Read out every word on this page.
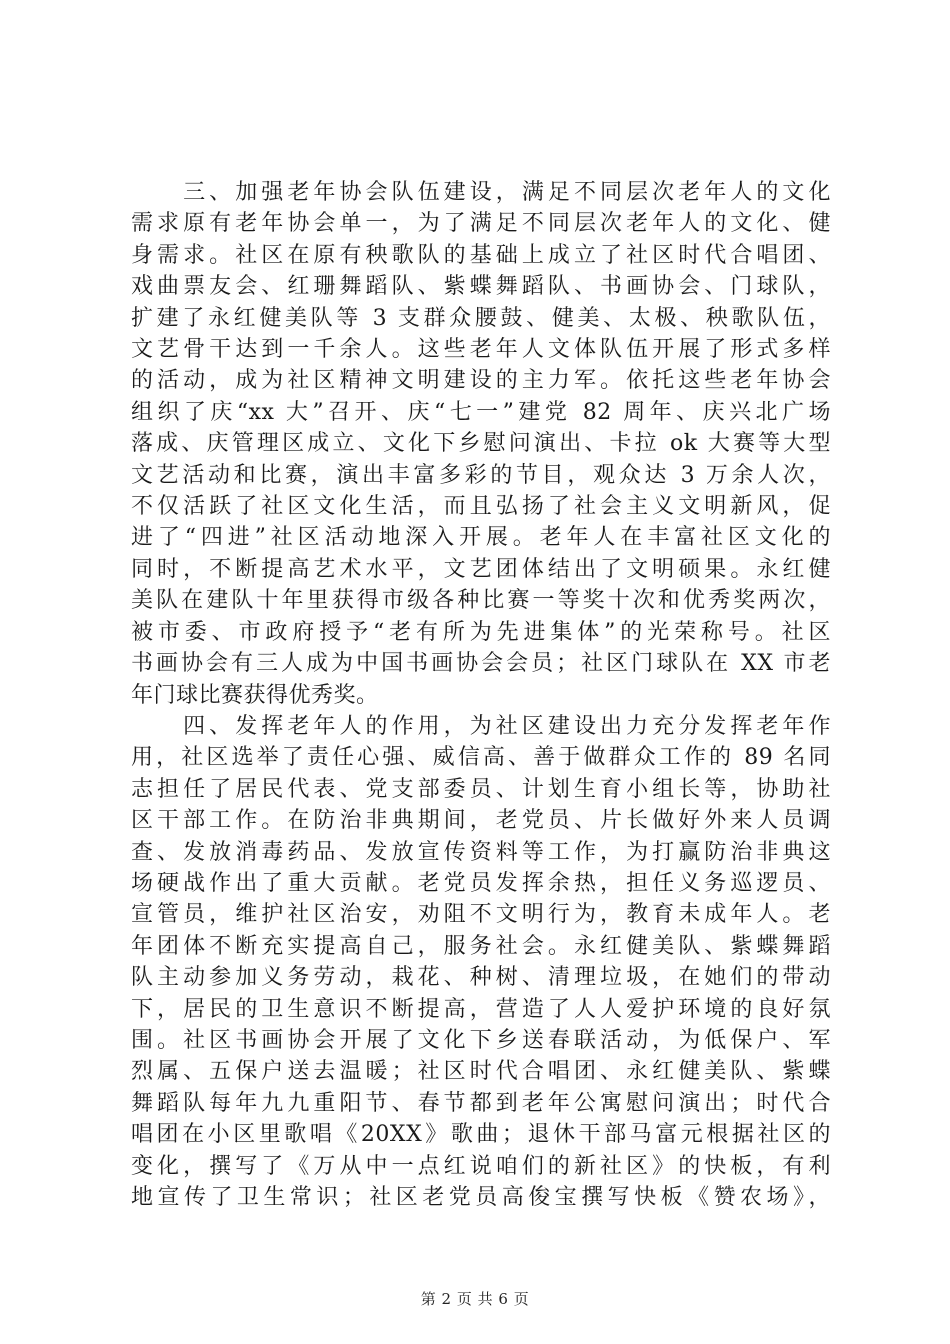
　　三、加强老年协会队伍建设，满足不同层次老年人的文化
需求原有老年协会单一，为了满足不同层次老年人的文化、健
身需求。社区在原有秧歌队的基础上成立了社区时代合唱团、
戏曲票友会、红珊舞蹈队、紫蝶舞蹈队、书画协会、门球队，
扩建了永红健美队等 3 支群众腰鼓、健美、太极、秧歌队伍，
文艺骨干达到一千余人。这些老年人文体队伍开展了形式多样
的活动，成为社区精神文明建设的主力军。依托这些老年协会
组织了庆“xx 大”召开、庆“七一”建党 82 周年、庆兴北广场
落成、庆管理区成立、文化下乡慰问演出、卡拉 ok 大赛等大型
文艺活动和比赛，演出丰富多彩的节目，观众达 3 万余人次，
不仅活跃了社区文化生活，而且弘扬了社会主义文明新风，促
进了“四进”社区活动地深入开展。老年人在丰富社区文化的
同时，不断提高艺术水平，文艺团体结出了文明硕果。永红健
美队在建队十年里获得市级各种比赛一等奖十次和优秀奖两次，
被市委、市政府授予“老有所为先进集体”的光荣称号。社区
书画协会有三人成为中国书画协会会员；社区门球队在 XX 市老
年门球比赛获得优秀奖。
　　四、发挥老年人的作用，为社区建设出力充分发挥老年作
用，社区选举了责任心强、威信高、善于做群众工作的 89 名同
志担任了居民代表、党支部委员、计划生育小组长等，协助社
区干部工作。在防治非典期间，老党员、片长做好外来人员调
查、发放消毒药品、发放宣传资料等工作，为打赢防治非典这
场硬战作出了重大贡献。老党员发挥余热，担任义务巡逻员、
宣管员，维护社区治安，劝阻不文明行为，教育未成年人。老
年团体不断充实提高自己，服务社会。永红健美队、紫蝶舞蹈
队主动参加义务劳动，栽花、种树、清理垃圾，在她们的带动
下，居民的卫生意识不断提高，营造了人人爱护环境的良好氛
围。社区书画协会开展了文化下乡送春联活动，为低保户、军
烈属、五保户送去温暖；社区时代合唱团、永红健美队、紫蝶
舞蹈队每年九九重阳节、春节都到老年公寓慰问演出；时代合
唱团在小区里歌唱《20XX》歌曲；退休干部马富元根据社区的
变化，撰写了《万从中一点红说咱们的新社区》的快板，有利
地宣传了卫生常识；社区老党员高俊宝撰写快板《赞农场》，
第 2 页 共 6 页
